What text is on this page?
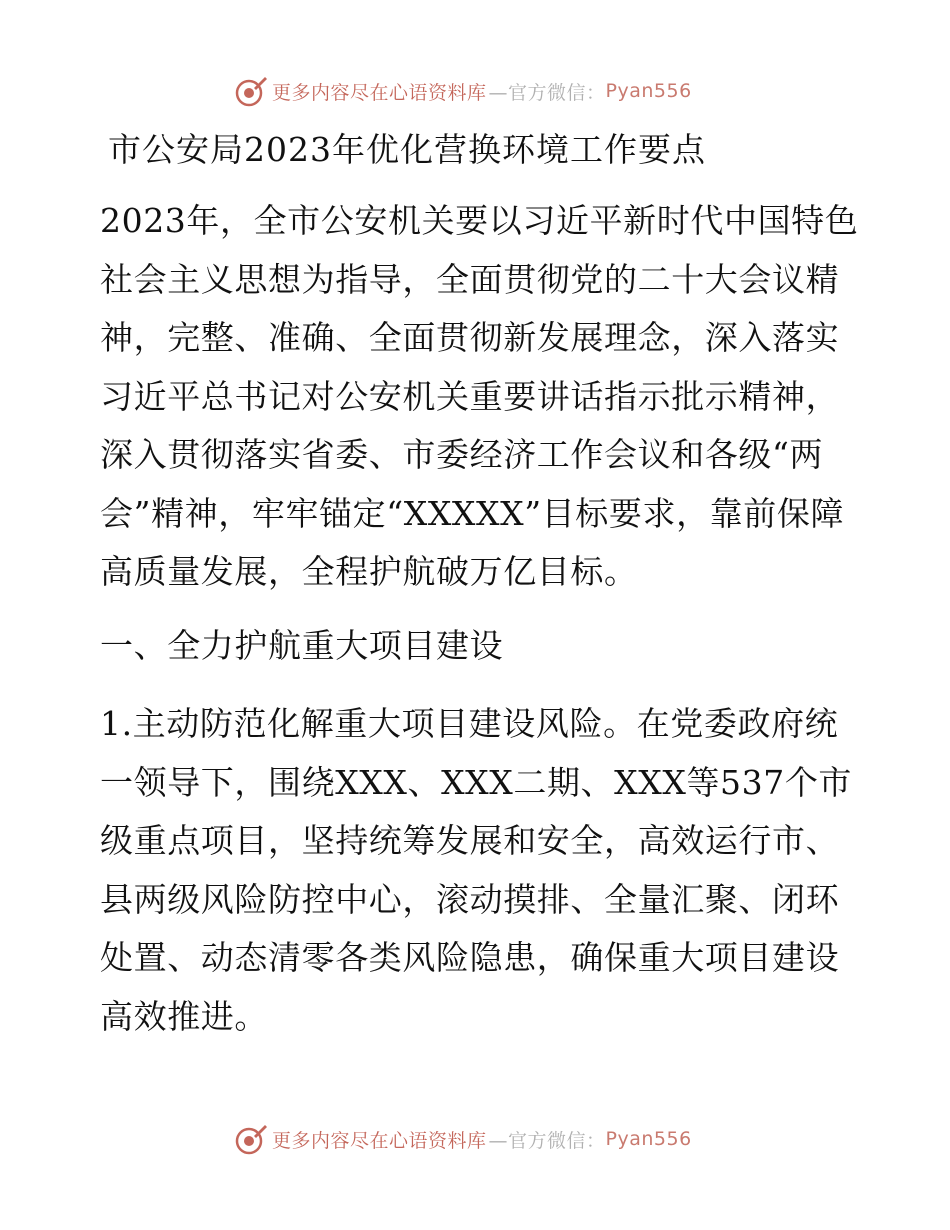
更多内容尽在心语资料库 —官方微信： Pyan556
市公安局2023年优化营换环境工作要点

2023年，全市公安机关要以习近平新时代中国特色社会主义思想为指导，全面贯彻党的二十大会议精神，完整、准确、全面贯彻新发展理念，深入落实习近平总书记对公安机关重要讲话指示批示精神，深入贯彻落实省委、市委经济工作会议和各级“两会”精神，牢牢锚定“XXXXX”目标要求，靠前保障高质量发展，全程护航破万亿目标。

一、全力护航重大项目建设

1.主动防范化解重大项目建设风险。在党委政府统一领导下，围绕XXX、XXX二期、XXX等537个市级重点项目，坚持统筹发展和安全，高效运行市、县两级风险防控中心，滚动摸排、全量汇聚、闭环处置、动态清零各类风险隐患，确保重大项目建设高效推进。

更多内容尽在心语资料库 —官方微信： Pyan556
